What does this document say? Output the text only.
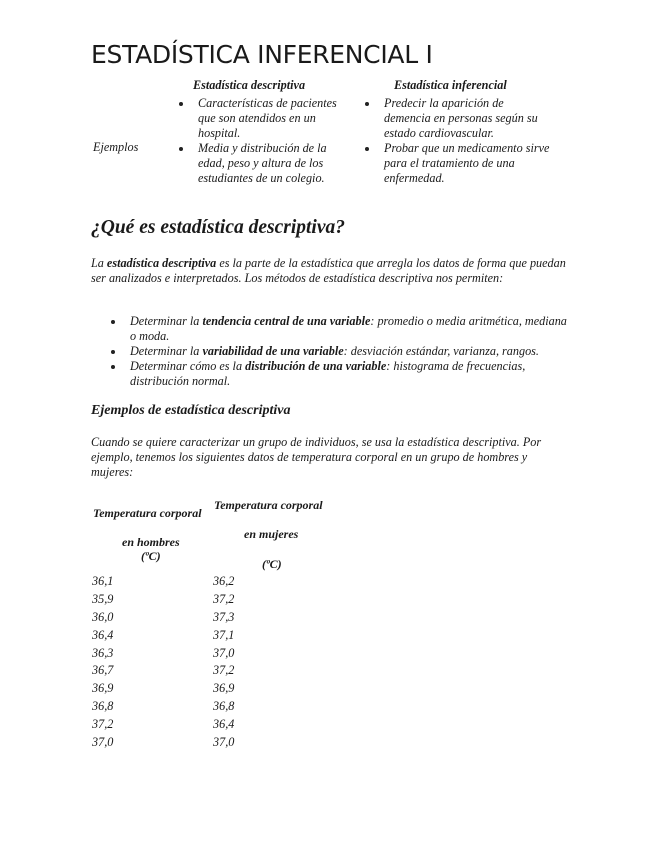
ESTADÍSTICA INFERENCIAL I
Estadística descriptiva	Estadística inferencial
Ejemplos
Características de pacientes que son atendidos en un hospital.
Media y distribución de la edad, peso y altura de los estudiantes de un colegio.
Predecir la aparición de demencia en personas según su estado cardiovascular.
Probar que un medicamento sirve para el tratamiento de una enfermedad.
¿Qué es estadística descriptiva?

La estadística descriptiva es la parte de la estadística que arregla los datos de forma que puedan ser analizados e interpretados. Los métodos de estadística descriptiva nos permiten:

Determinar la tendencia central de una variable: promedio o media aritmética, mediana o moda.
Determinar la variabilidad de una variable: desviación estándar, varianza, rangos.
Determinar cómo es la distribución de una variable: histograma de frecuencias, distribución normal.
Ejemplos de estadística descriptiva

Cuando se quiere caracterizar un grupo de individuos, se usa la estadística descriptiva. Por ejemplo, tenemos los siguientes datos de temperatura corporal en un grupo de hombres y mujeres:

Temperatura corporal
en hombres
(ºC)
Temperatura corporal
en mujeres
(ºC)
36,1
35,9
36,0
36,4
36,3
36,7
36,9
36,8
37,2
37,0
36,2
37,2
37,3
37,1
37,0
37,2
36,9
36,8
36,4
37,0
